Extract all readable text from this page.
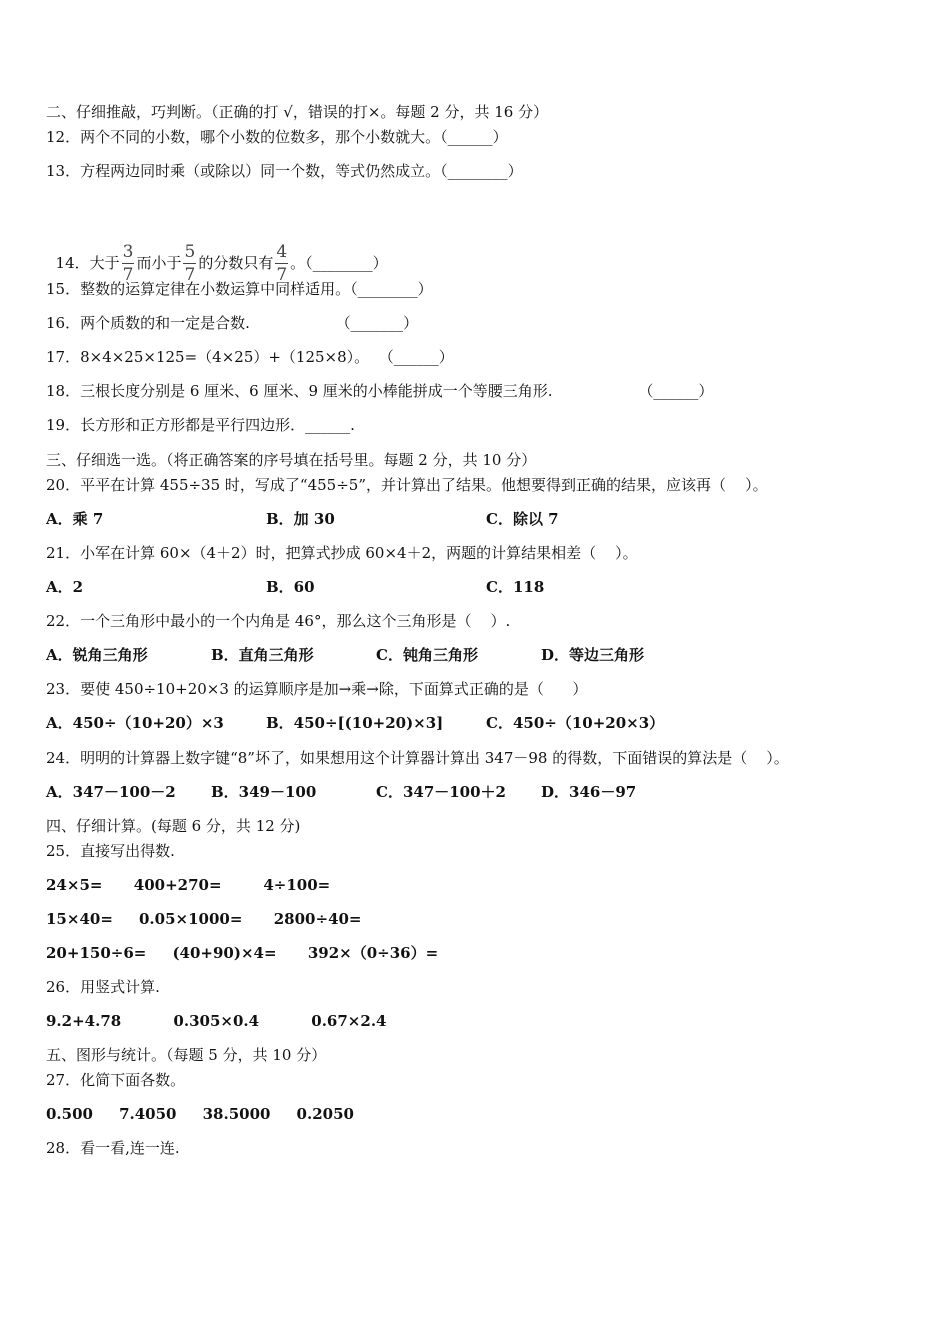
二、仔细推敲，巧判断。（正确的打 √，错误的打×。每题 2 分，共 16 分）
12．两个不同的小数，哪个小数的位数多，那个小数就大。（______）
13．方程两边同时乘（或除以）同一个数，等式仍然成立。（________）

14．大于 $\frac{3}{7}$ 而小于 $\frac{5}{7}$ 的分数只有 $\frac{4}{7}$ 。（________）

15．整数的运算定律在小数运算中同样适用。（________）
16．两个质数的和一定是合数.                  （_______）
17．8×4×25×125=（4×25）+（125×8）。  （______）
18．三根长度分别是 6 厘米、6 厘米、9 厘米的小棒能拼成一个等腰三角形.                  （______）
19．长方形和正方形都是平行四边形．______.
三、仔细选一选。（将正确答案的序号填在括号里。每题 2 分，共 10 分）
20．平平在计算 455÷35 时，写成了“455÷5”，并计算出了结果。他想要得到正确的结果，应该再（    ）。
A．乘 7	B．加 30	C．除以 7
21．小军在计算 60×（4＋2）时，把算式抄成 60×4＋2，两题的计算结果相差（    ）。
A．2	B．60	C．118
22．一个三角形中最小的一个内角是 46°，那么这个三角形是（    ）.
A．锐角三角形	B．直角三角形	C．钝角三角形	D．等边三角形
23．要使 450÷10+20×3 的运算顺序是加→乘→除，下面算式正确的是（      ）
A．450÷（10+20）×3	B．450÷[(10+20)×3]	C．450÷（10+20×3）
24．明明的计算器上数字键“8”坏了，如果想用这个计算器计算出 347－98 的得数，下面错误的算法是（    ）。
A．347－100－2 B．349－100	C．347－100＋2 D．346－97
四、仔细计算。(每题 6 分，共 12 分)
25．直接写出得数.
24×5=      400+270=        4÷100=
15×40=     0.05×1000=      2800÷40=
20+150÷6=     (40+90)×4=      392×（0÷36）=
26．用竖式计算.
9.2+4.78          0.305×0.4          0.67×2.4
五、图形与统计。（每题 5 分，共 10 分）
27．化简下面各数。
0.500     7.4050     38.5000     0.2050
28．看一看,连一连.
